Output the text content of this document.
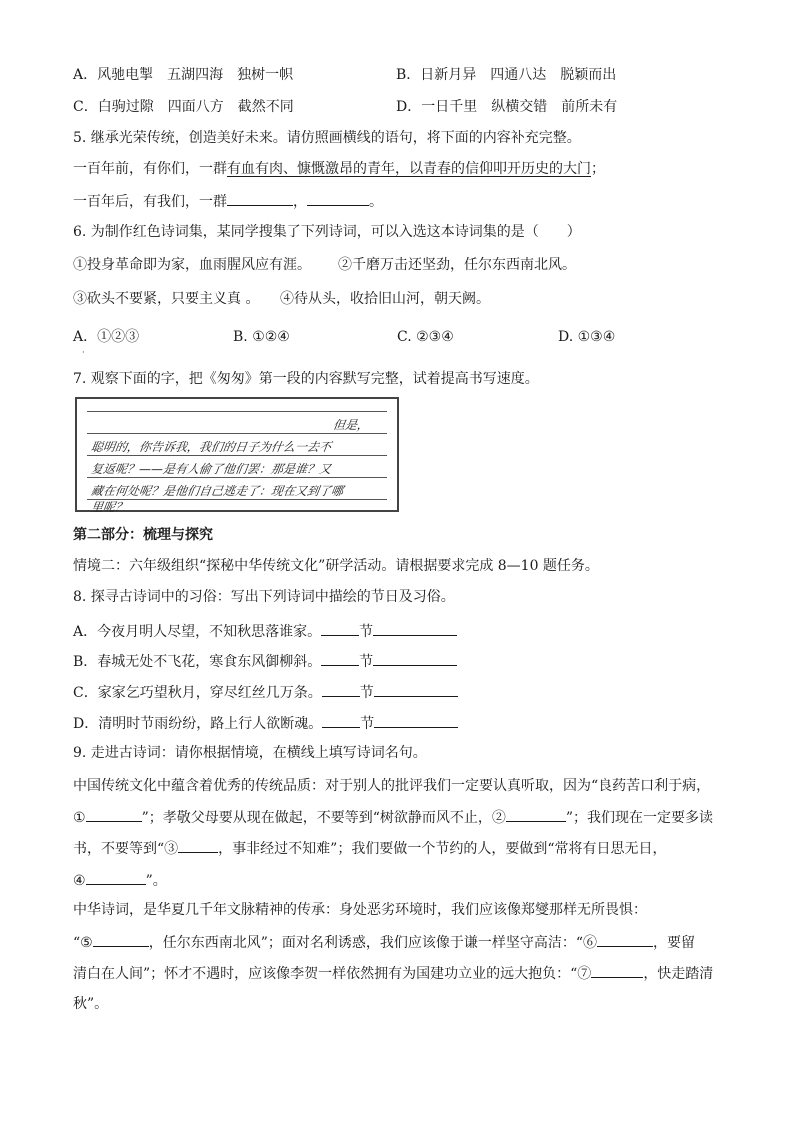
A．风驰电掣　五湖四海　独树一帜	B．日新月异　四通八达　脱颖而出
C．白驹过隙　四面八方　截然不同	D．一日千里　纵横交错　前所未有
5. 继承光荣传统，创造美好未来。请仿照画横线的语句，将下面的内容补充完整。
一百年前，有你们，一群有血有肉、慷慨激昂的青年，以青春的信仰叩开历史的大门；
一百年后，有我们，一群	，	。
6. 为制作红色诗词集，某同学搜集了下列诗词，可以入选这本诗词集的是（　　）
①投身革命即为家，血雨腥风应有涯。 ②千磨万击还坚劲，任尔东西南北风。
③砍头不要紧，只要主义真 。 ④待从头，收拾旧山河，朝天阙。
A．①②③	B. ①②④	C. ②③④	D. ①③④
·
7. 观察下面的字，把《匆匆》第一段的内容默写完整，试着提高书写速度。
但是，
聪明的，你告诉我，我们的日子为什么一去不
复返呢？——是有人偷了他们罢：那是谁？又
藏在何处呢？是他们自己逃走了：现在又到了哪
里呢？
第二部分：梳理与探究
情境二：六年级组织“探秘中华传统文化”研学活动。请根据要求完成 8—10 题任务。
8. 探寻古诗词中的习俗：写出下列诗词中描绘的节日及习俗。
A．今夜月明人尽望，不知秋思落谁家。	节
B．春城无处不飞花，寒食东风御柳斜。	节
C．家家乞巧望秋月，穿尽红丝几万条。	节
D．清明时节雨纷纷，路上行人欲断魂。	节
9. 走进古诗词：请你根据情境，在横线上填写诗词名句。
中国传统文化中蕴含着优秀的传统品质：对于别人的批评我们一定要认真听取，因为“良药苦口利于病，
①	”；孝敬父母要从现在做起，不要等到“树欲静而风不止，②	”；我们现在一定要多读
书，不要等到“③	，事非经过不知难”；我们要做一个节约的人，要做到“常将有日思无日，
④	”。
中华诗词，是华夏几千年文脉精神的传承：身处恶劣环境时，我们应该像郑燮那样无所畏惧：
“⑤	，任尔东西南北风”；面对名利诱惑，我们应该像于谦一样坚守高洁：“⑥	，要留
清白在人间”；怀才不遇时，应该像李贺一样依然拥有为国建功立业的远大抱负：“⑦	，快走踏清
秋”。
